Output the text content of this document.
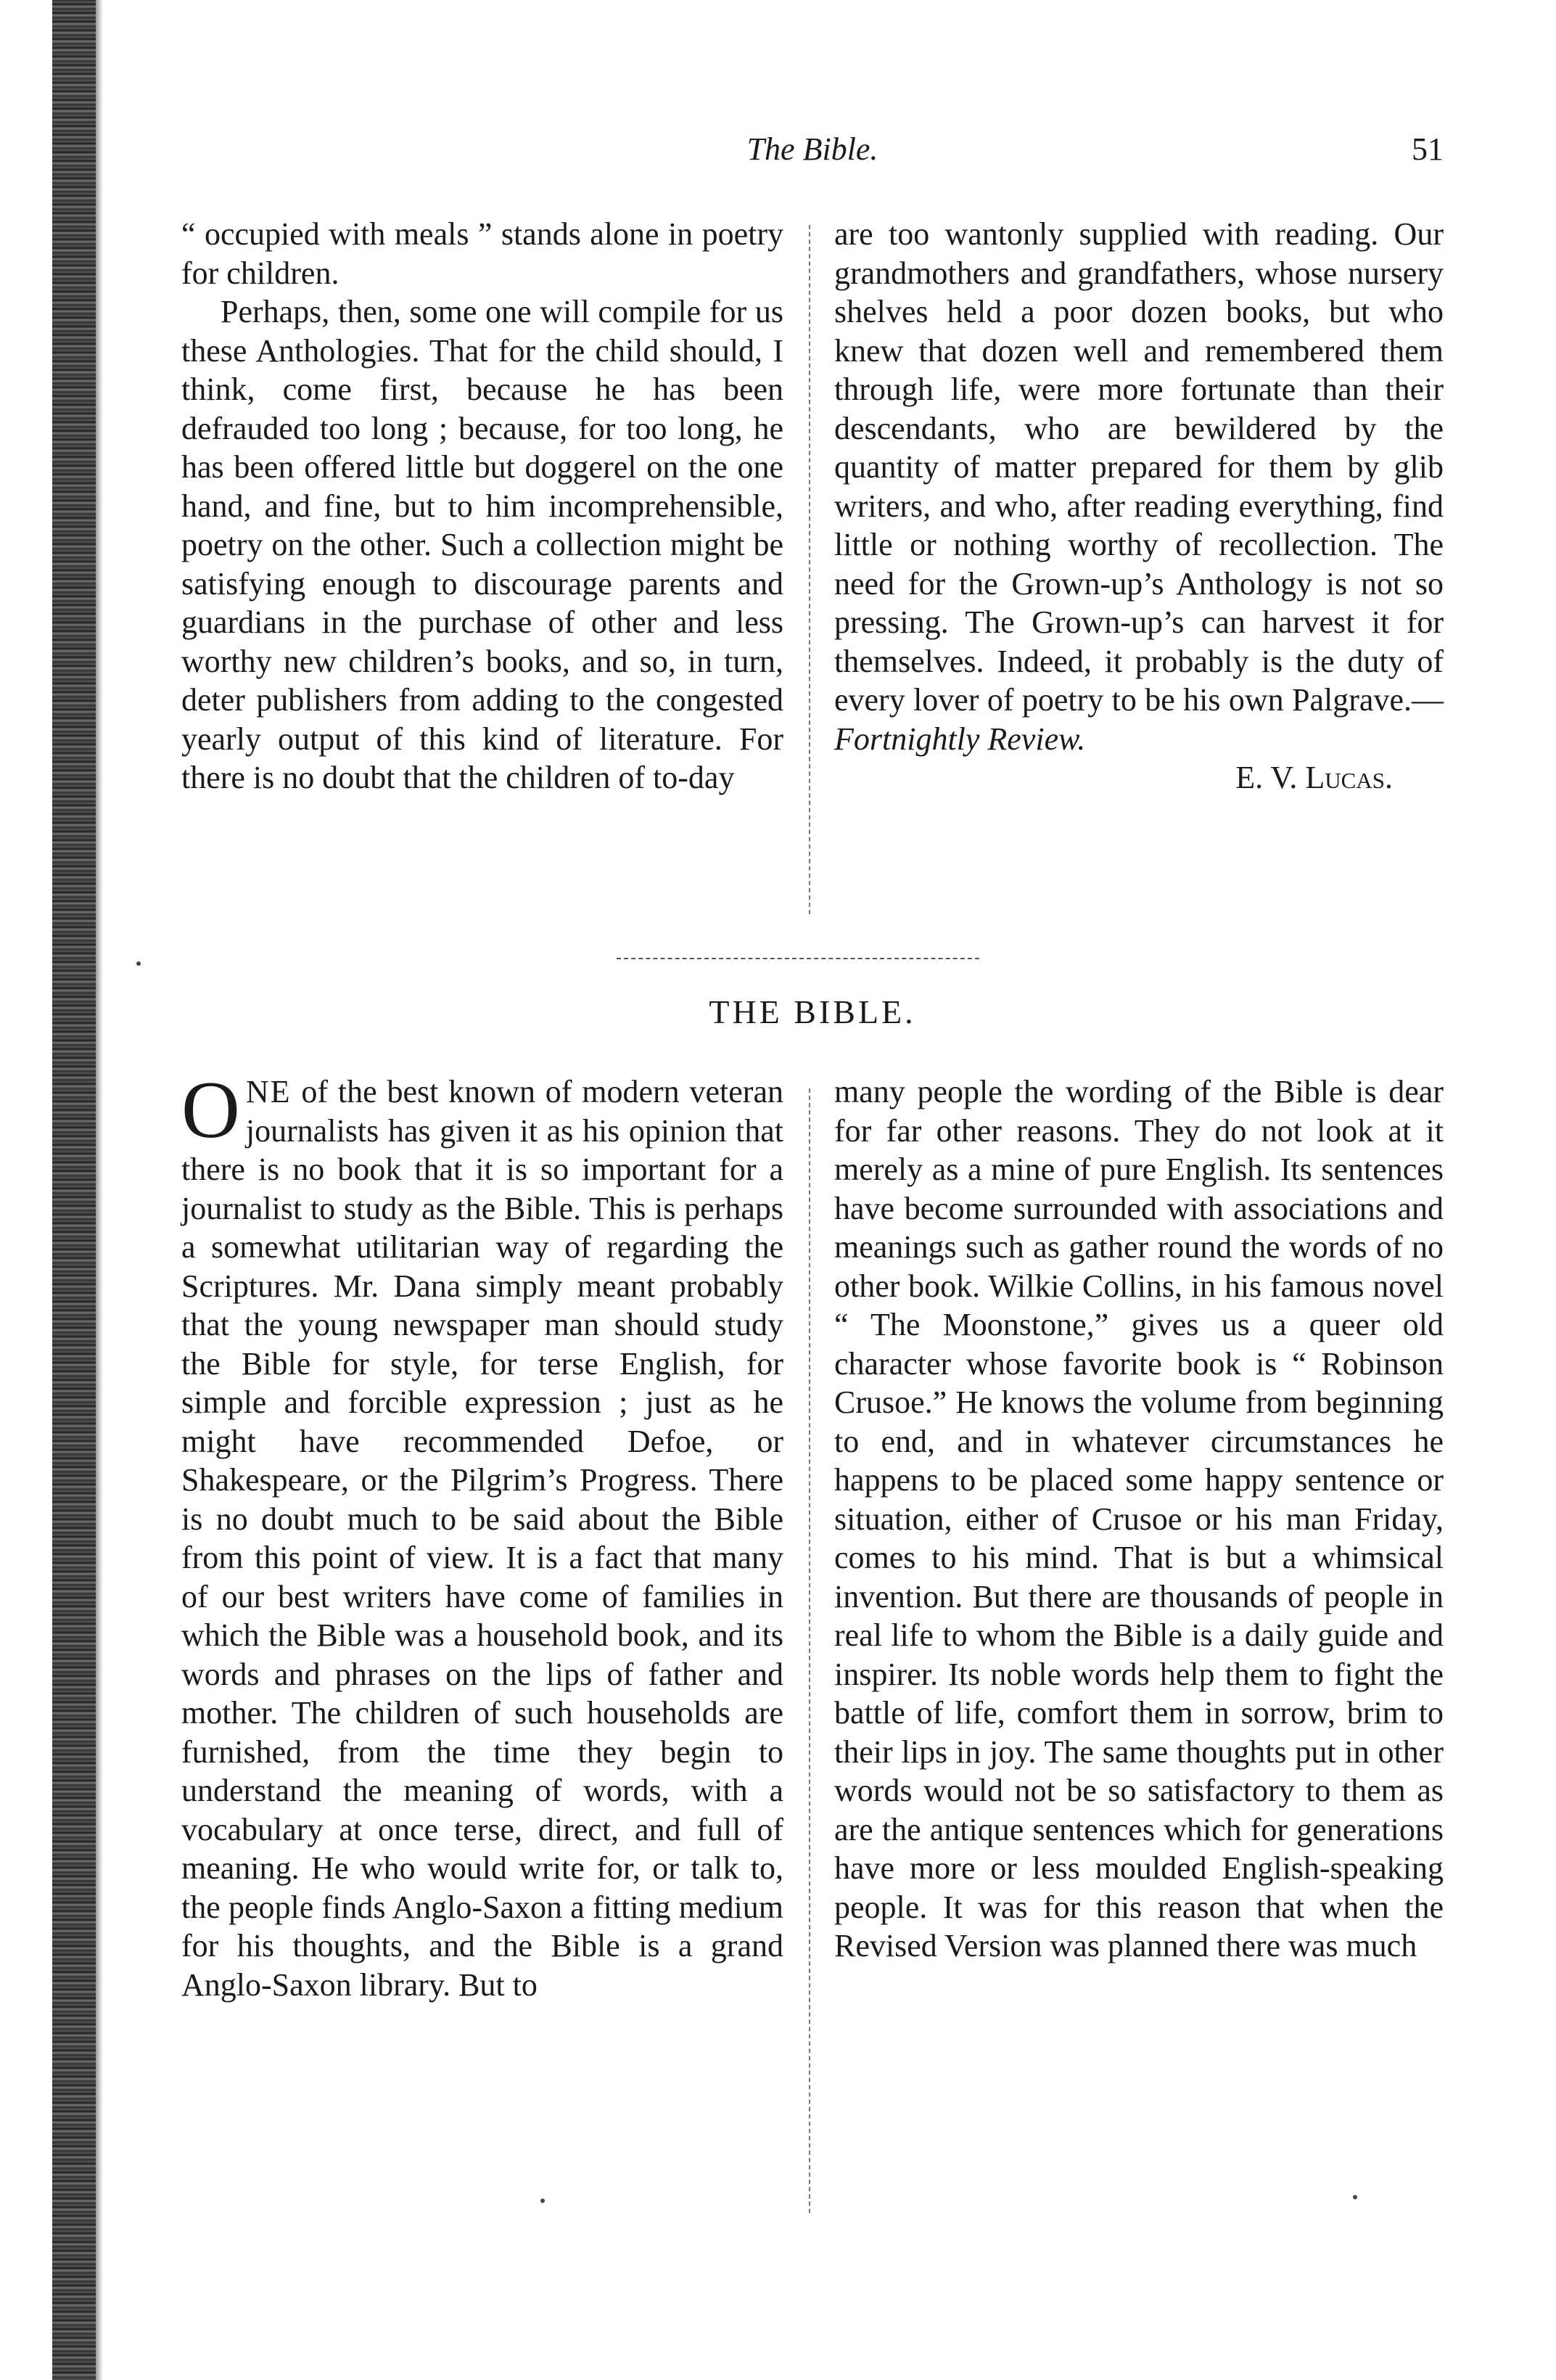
The Bible.	51

“ occupied with meals ” stands alone in poetry for children.

Perhaps, then, some one will compile for us these Anthologies. That for the child should, I think, come first, because he has been defrauded too long ; because, for too long, he has been offered little but doggerel on the one hand, and fine, but to him incomprehensible, poetry on the other. Such a collection might be satisfying enough to discourage parents and guardians in the purchase of other and less worthy new children’s books, and so, in turn, deter publishers from adding to the congested yearly output of this kind of literature. For there is no doubt that the children of to-day

are too wantonly supplied with reading. Our grandmothers and grandfathers, whose nursery shelves held a poor dozen books, but who knew that dozen well and remembered them through life, were more fortunate than their descendants, who are bewildered by the quantity of matter prepared for them by glib writers, and who, after reading everything, find little or nothing worthy of recollection. The need for the Grown-up’s Anthology is not so pressing. The Grown-up’s can harvest it for themselves. Indeed, it probably is the duty of every lover of poetry to be his own Palgrave.—Fortnightly Review.

E. V. Lucas.

THE BIBLE.

ONE of the best known of modern veteran journalists has given it as his opinion that there is no book that it is so important for a journalist to study as the Bible. This is perhaps a somewhat utilitarian way of regarding the Scriptures. Mr. Dana simply meant probably that the young newspaper man should study the Bible for style, for terse English, for simple and forcible expression ; just as he might have recommended Defoe, or Shakespeare, or the Pilgrim’s Progress. There is no doubt much to be said about the Bible from this point of view. It is a fact that many of our best writers have come of families in which the Bible was a household book, and its words and phrases on the lips of father and mother. The children of such households are furnished, from the time they begin to understand the meaning of words, with a vocabulary at once terse, direct, and full of meaning. He who would write for, or talk to, the people finds Anglo-Saxon a fitting medium for his thoughts, and the Bible is a grand Anglo-Saxon library. But to

many people the wording of the Bible is dear for far other reasons. They do not look at it merely as a mine of pure English. Its sentences have become surrounded with associations and meanings such as gather round the words of no other book. Wilkie Collins, in his famous novel “ The Moonstone,” gives us a queer old character whose favorite book is “ Robinson Crusoe.” He knows the volume from beginning to end, and in whatever circumstances he happens to be placed some happy sentence or situation, either of Crusoe or his man Friday, comes to his mind. That is but a whimsical invention. But there are thousands of people in real life to whom the Bible is a daily guide and inspirer. Its noble words help them to fight the battle of life, comfort them in sorrow, brim to their lips in joy. The same thoughts put in other words would not be so satisfactory to them as are the antique sentences which for generations have more or less moulded English-speaking people. It was for this reason that when the Revised Version was planned there was much
